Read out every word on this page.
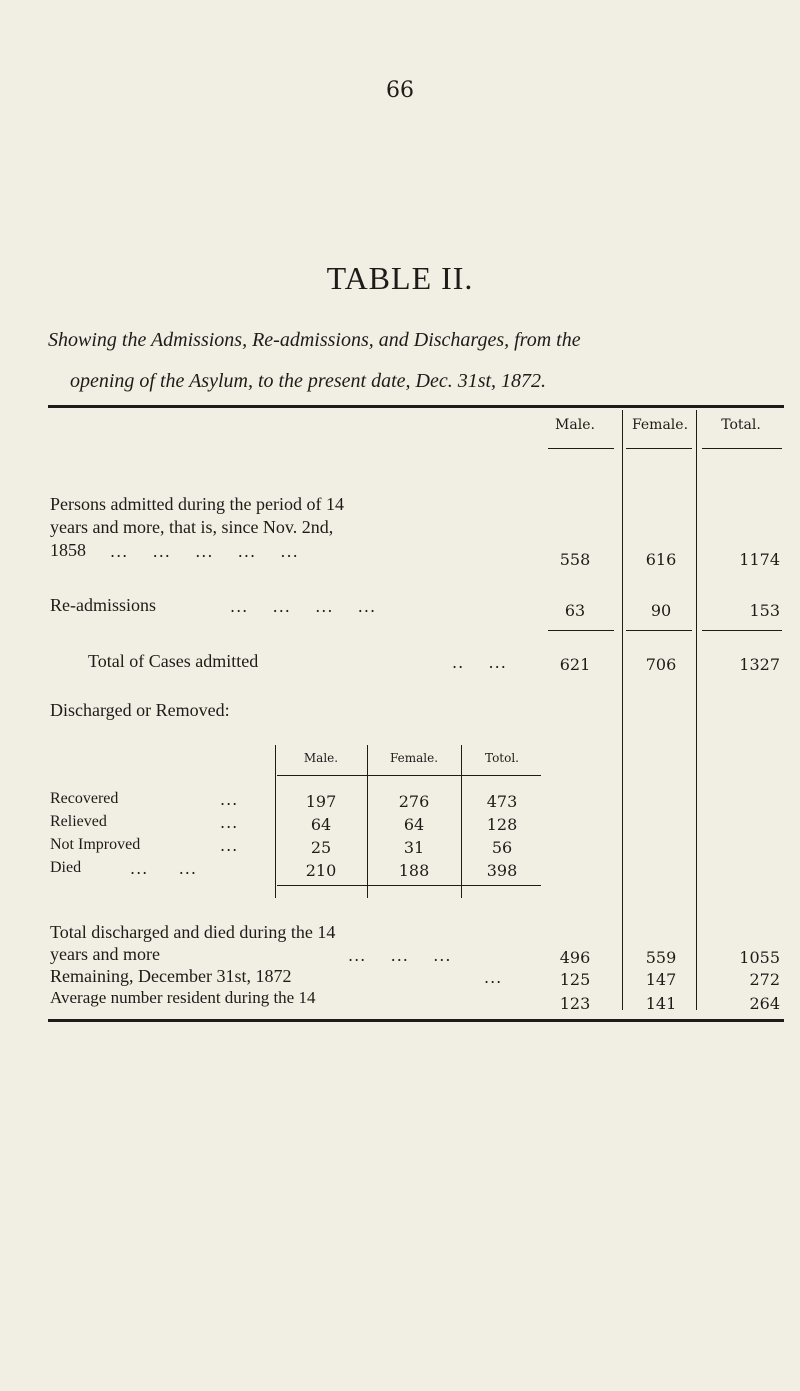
66
TABLE II.
Showing the Admissions, Re-admissions, and Discharges, from the
opening of the Asylum, to the present date, Dec. 31st, 1872.
Male.	Female.	Total.
Persons admitted during the period of 14
years and more, that is, since Nov. 2nd,
1858 ...    ...    ...    ...    ...	558	616	1174
Re-admissions	...    ...    ...    ...	63	90	153
Total of Cases admitted	..    ...	621	706	1327
Discharged or Removed:
Male.	Female.	Totol.
Recovered	...	197	276	473
Relieved	...	64	64	128
Not Improved	...	25	31	56
Died	...     ...	210	188	398
Total discharged and died during the 14
years and more	...    ...    ...	496	559	1055
Remaining, December 31st, 1872	...	125	147	272
Average number resident during the 14	123	141	264
